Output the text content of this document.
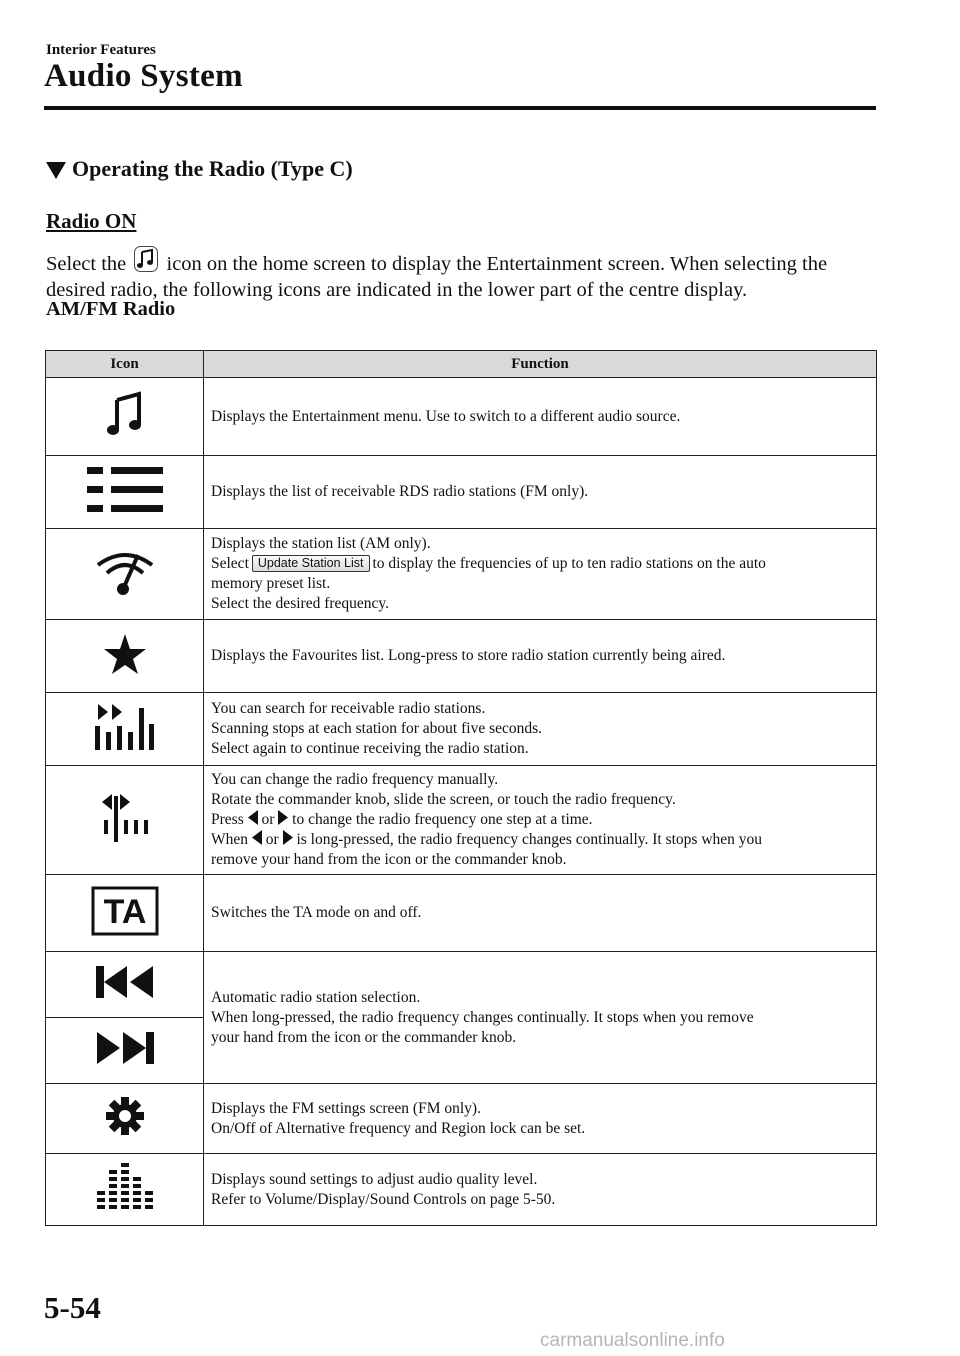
Interior Features
Audio System
Operating the Radio (Type C)
Radio ON
Select the icon on the home screen to display the Entertainment screen. When selecting the desired radio, the following icons are indicated in the lower part of the centre display.
AM/FM Radio
Icon	Function

Displays the Entertainment menu. Use to switch to a different audio source.

Displays the list of receivable RDS radio stations (FM only).

Displays the station list (AM only).
Select Update Station List to display the frequencies of up to ten radio stations on the auto
memory preset list.
Select the desired frequency.

Displays the Favourites list. Long-press to store radio station currently being aired.

You can search for receivable radio stations.
Scanning stops at each station for about five seconds.
Select again to continue receiving the radio station.

You can change the radio frequency manually.
Rotate the commander knob, slide the screen, or touch the radio frequency.
Press or to change the radio frequency one step at a time.
When or is long-pressed, the radio frequency changes continually. It stops when you
remove your hand from the icon or the commander knob.

TA	Switches the TA mode on and off.

Automatic radio station selection.
When long-pressed, the radio frequency changes continually. It stops when you remove
your hand from the icon or the commander knob.

Displays the FM settings screen (FM only).
On/Off of Alternative frequency and Region lock can be set.

Displays sound settings to adjust audio quality level.
Refer to Volume/Display/Sound Controls on page 5-50.
5-54
carmanualsonline.info
